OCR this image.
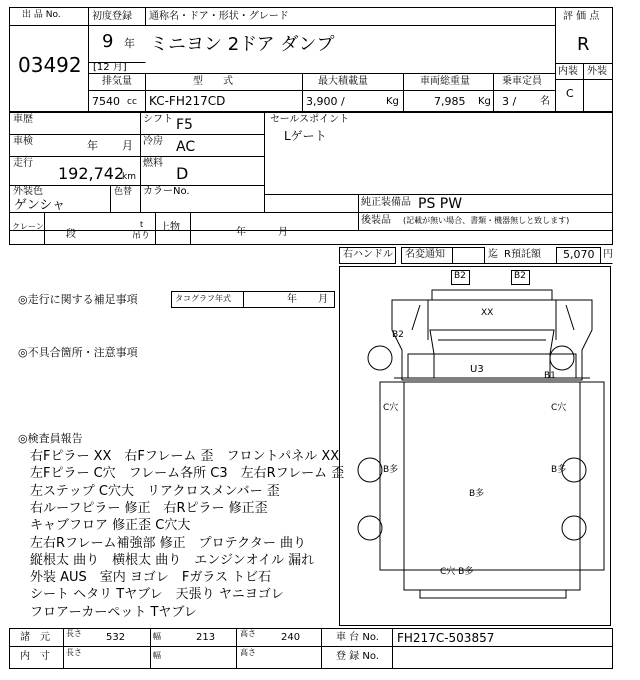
出 品 No.
03492
初度登録
9 年
[12 月]
通称名・ドア・形状・グレード
ミニヨン 2ドア ダンプ
評 価 点
R
内装 外装
C
排気量
7540 cc
型　　式
KC-FH217CD
最大積載量
3,900 /	Kg
車両総重量
7,985 Kg
乗車定員
3 / 名
車歴	シフト F5
車検	年 月 冷房 AC
走行
192,742
km
燃料
D
外装色
ゲンシャ
色替 カラーNo.
セールスポイント
Lゲート
純正装備品 PS PW
後装品 (記載が無い場合、書類・機器無しと致します)
クレーン
段
t
吊り
上物	年	月
右ハンドル 名変通知	迄 R預託額 5,070 円
◎走行に関する補足事項	タコグラフ年式	年 月
◎不具合箇所・注意事項
◎検査員報告
右Fピラー XX　右Fフレーム 歪　フロントパネル XX
左Fピラー C穴　フレーム各所 C3　左右Rフレーム 歪
左ステップ C穴大　リアクロスメンバー 歪
右ルーフピラー 修正　右Rピラー 修正歪
キャブフロア 修正歪 C穴大
左右Rフレーム補強部 修正　プロテクター 曲り
縦根太 曲り　横根太 曲り　エンジンオイル 漏れ
外装 AUS　室内 ヨゴレ　Fガラス トビ石
シート ヘタリ Tヤブレ　天張り ヤニヨゴレ
フロアーカーペット Tヤブレ
B2	B2
XX
B2
U3
B1
C穴	C穴
B多	B多
B多
C穴 B多
諸　元 長さ 532	幅	213	高さ	240	車 台 No. FH217C-503857
内　寸 長さ	幅	高さ	登 録 No.
